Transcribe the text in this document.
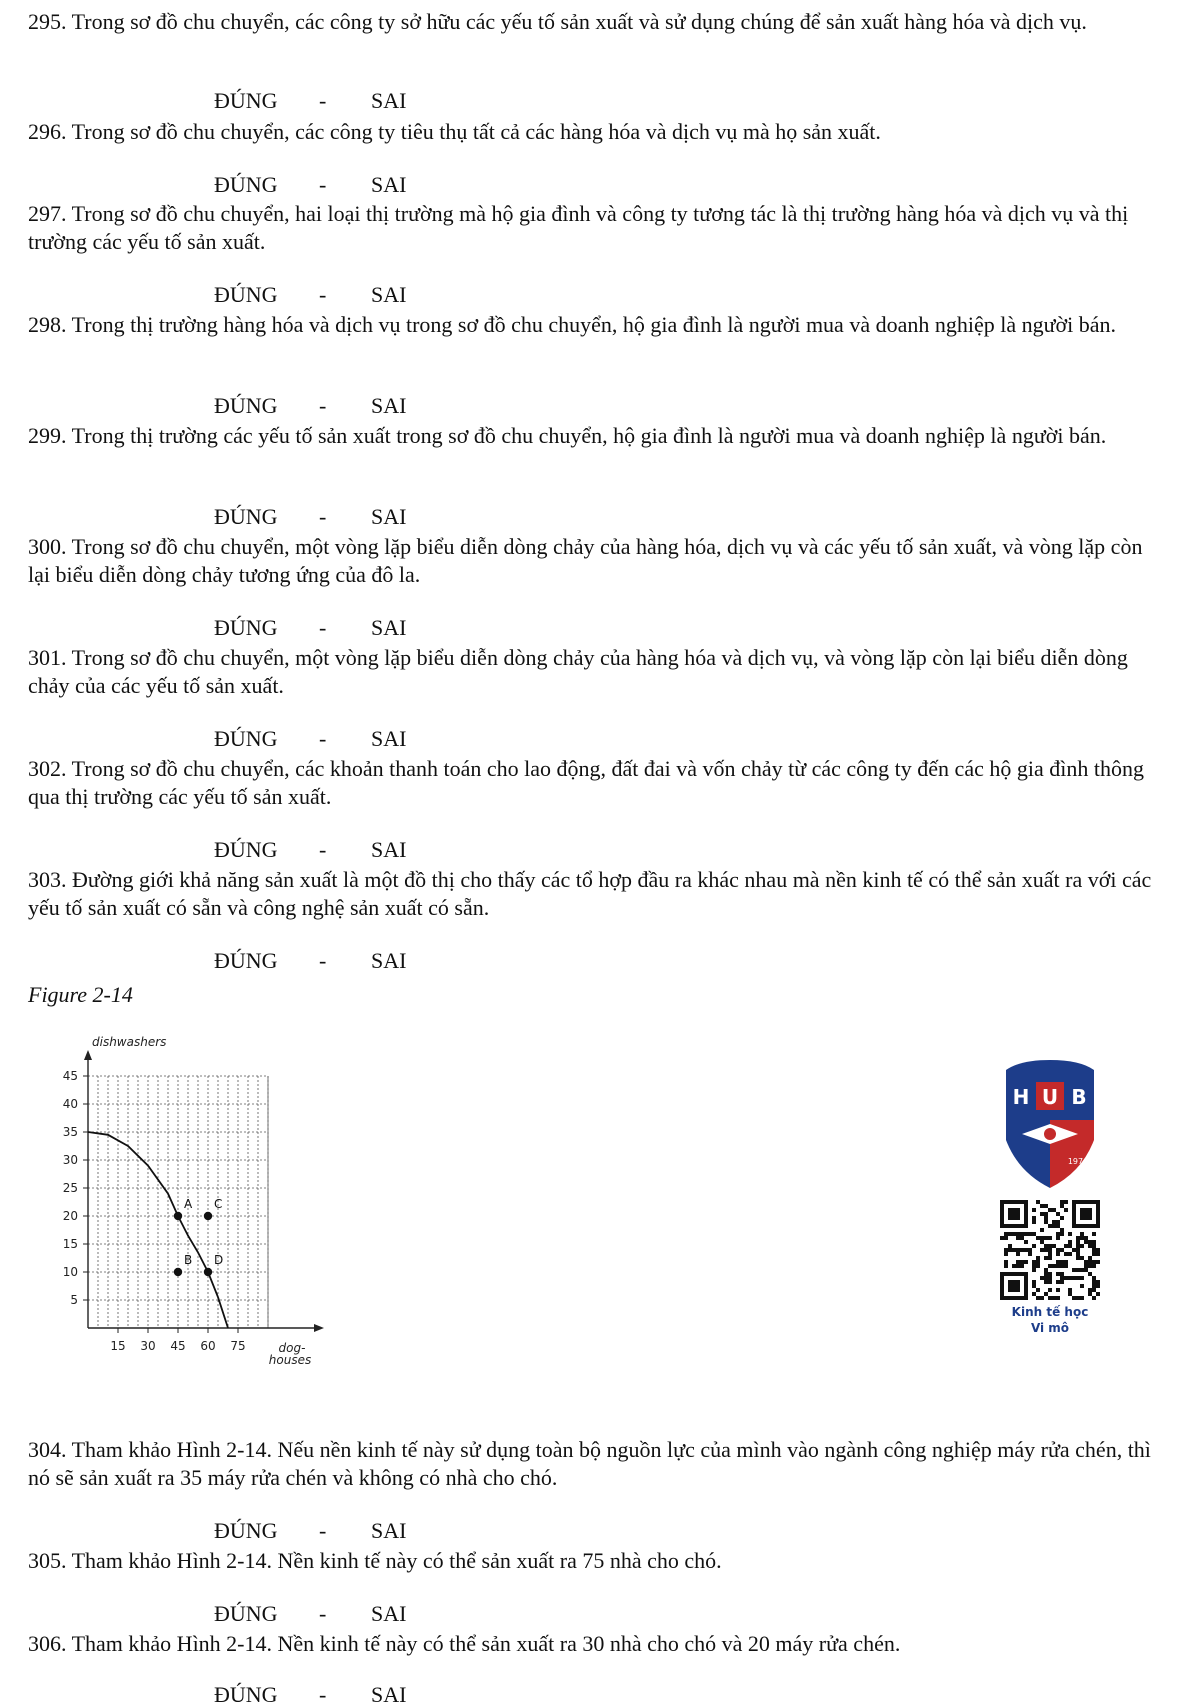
295. Trong sơ đồ chu chuyển, các công ty sở hữu các yếu tố sản xuất và sử dụng chúng để sản xuất hàng hóa và dịch vụ.

ĐÚNG - SAI

296. Trong sơ đồ chu chuyển, các công ty tiêu thụ tất cả các hàng hóa và dịch vụ mà họ sản xuất.

ĐÚNG - SAI

297. Trong sơ đồ chu chuyển, hai loại thị trường mà hộ gia đình và công ty tương tác là thị trường hàng hóa và dịch vụ và thị trường các yếu tố sản xuất.

ĐÚNG - SAI

298. Trong thị trường hàng hóa và dịch vụ trong sơ đồ chu chuyển, hộ gia đình là người mua và doanh nghiệp là người bán.

ĐÚNG - SAI

299. Trong thị trường các yếu tố sản xuất trong sơ đồ chu chuyển, hộ gia đình là người mua và doanh nghiệp là người bán.

ĐÚNG - SAI

300. Trong sơ đồ chu chuyển, một vòng lặp biểu diễn dòng chảy của hàng hóa, dịch vụ và các yếu tố sản xuất, và vòng lặp còn lại biểu diễn dòng chảy tương ứng của đô la.

ĐÚNG - SAI

301. Trong sơ đồ chu chuyển, một vòng lặp biểu diễn dòng chảy của hàng hóa và dịch vụ, và vòng lặp còn lại biểu diễn dòng chảy của các yếu tố sản xuất.

ĐÚNG - SAI

302. Trong sơ đồ chu chuyển, các khoản thanh toán cho lao động, đất đai và vốn chảy từ các công ty đến các hộ gia đình thông qua thị trường các yếu tố sản xuất.

ĐÚNG - SAI

303. Đường giới khả năng sản xuất là một đồ thị cho thấy các tổ hợp đầu ra khác nhau mà nền kinh tế có thể sản xuất ra với các yếu tố sản xuất có sẵn và công nghệ sản xuất có sẵn.

ĐÚNG - SAI

Figure 2-14
5
10
15
20
25
30
35
40
45
15 30 45 60 75
A C
B D
dishwashers
dog-
houses
H U B
1976
Kinh tế học
Vi mô

304. Tham khảo Hình 2-14. Nếu nền kinh tế này sử dụng toàn bộ nguồn lực của mình vào ngành công nghiệp máy rửa chén, thì nó sẽ sản xuất ra 35 máy rửa chén và không có nhà cho chó.

ĐÚNG - SAI

305. Tham khảo Hình 2-14. Nền kinh tế này có thể sản xuất ra 75 nhà cho chó.

ĐÚNG - SAI

306. Tham khảo Hình 2-14. Nền kinh tế này có thể sản xuất ra 30 nhà cho chó và 20 máy rửa chén.

ĐÚNG - SAI
